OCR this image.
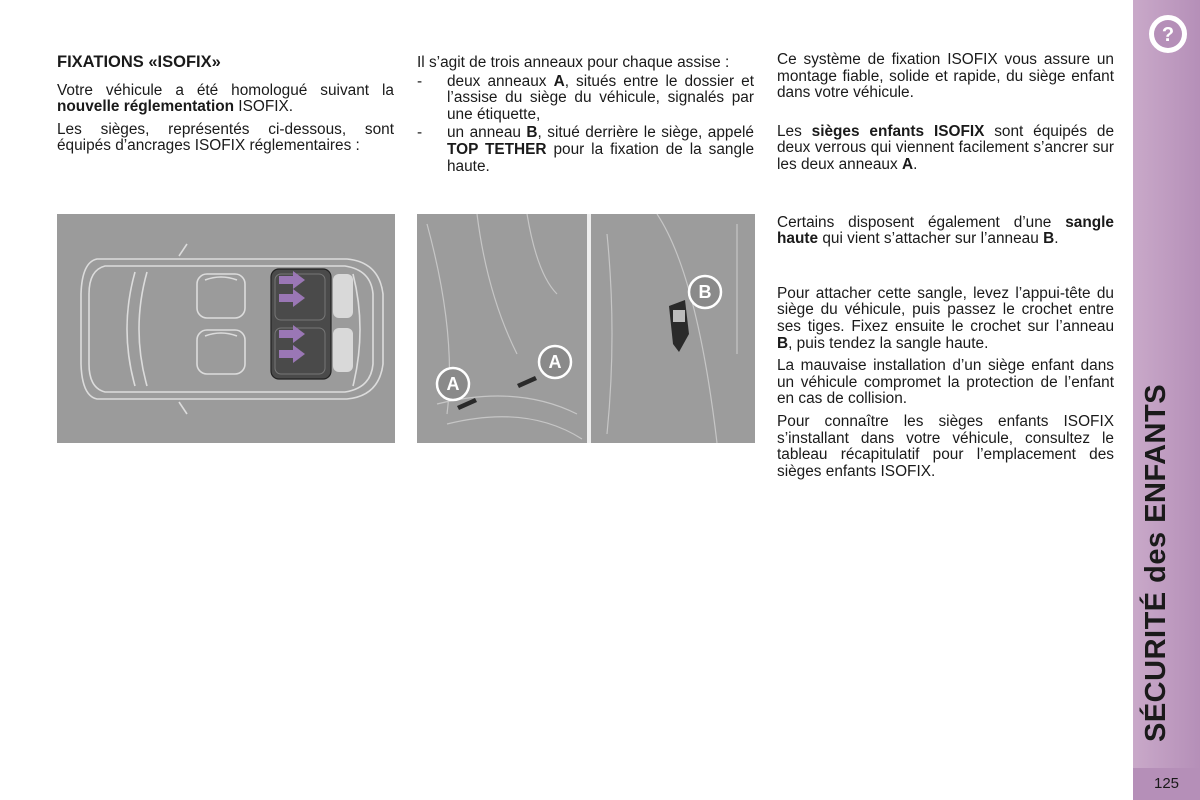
FIXATIONS «ISOFIX»

Votre véhicule a été homologué suivant la nouvelle réglementation ISOFIX.

Les sièges, représentés ci-dessous, sont équipés d’ancrages ISOFIX réglementaires :

Il s’agit de trois anneaux pour chaque assise :

-	deux anneaux A, situés entre le dossier et l’assise du siège du véhicule, signalés par une étiquette,
-	un anneau B, situé derrière le siège, appelé TOP TETHER pour la fixation de la sangle haute.

Ce système de fixation ISOFIX vous assure un montage fiable, solide et rapide, du siège enfant dans votre véhicule.

Les sièges enfants ISOFIX sont équipés de deux verrous qui viennent facilement s’ancrer sur les deux anneaux A.

Certains disposent également d’une sangle haute qui vient s’attacher sur l’anneau B.

Pour attacher cette sangle, levez l’appui-tête du siège du véhicule, puis passez le crochet entre ses tiges. Fixez ensuite le crochet sur l’anneau B, puis tendez la sangle haute.

La mauvaise installation d’un siège enfant dans un véhicule compromet la protection de l’enfant en cas de collision.

Pour connaître les sièges enfants ISOFIX s’installant dans votre véhicule, consultez le tableau récapitulatif pour l’emplacement des sièges enfants ISOFIX.

A
A
B
?
SÉCURITÉ des ENFANTS
125
